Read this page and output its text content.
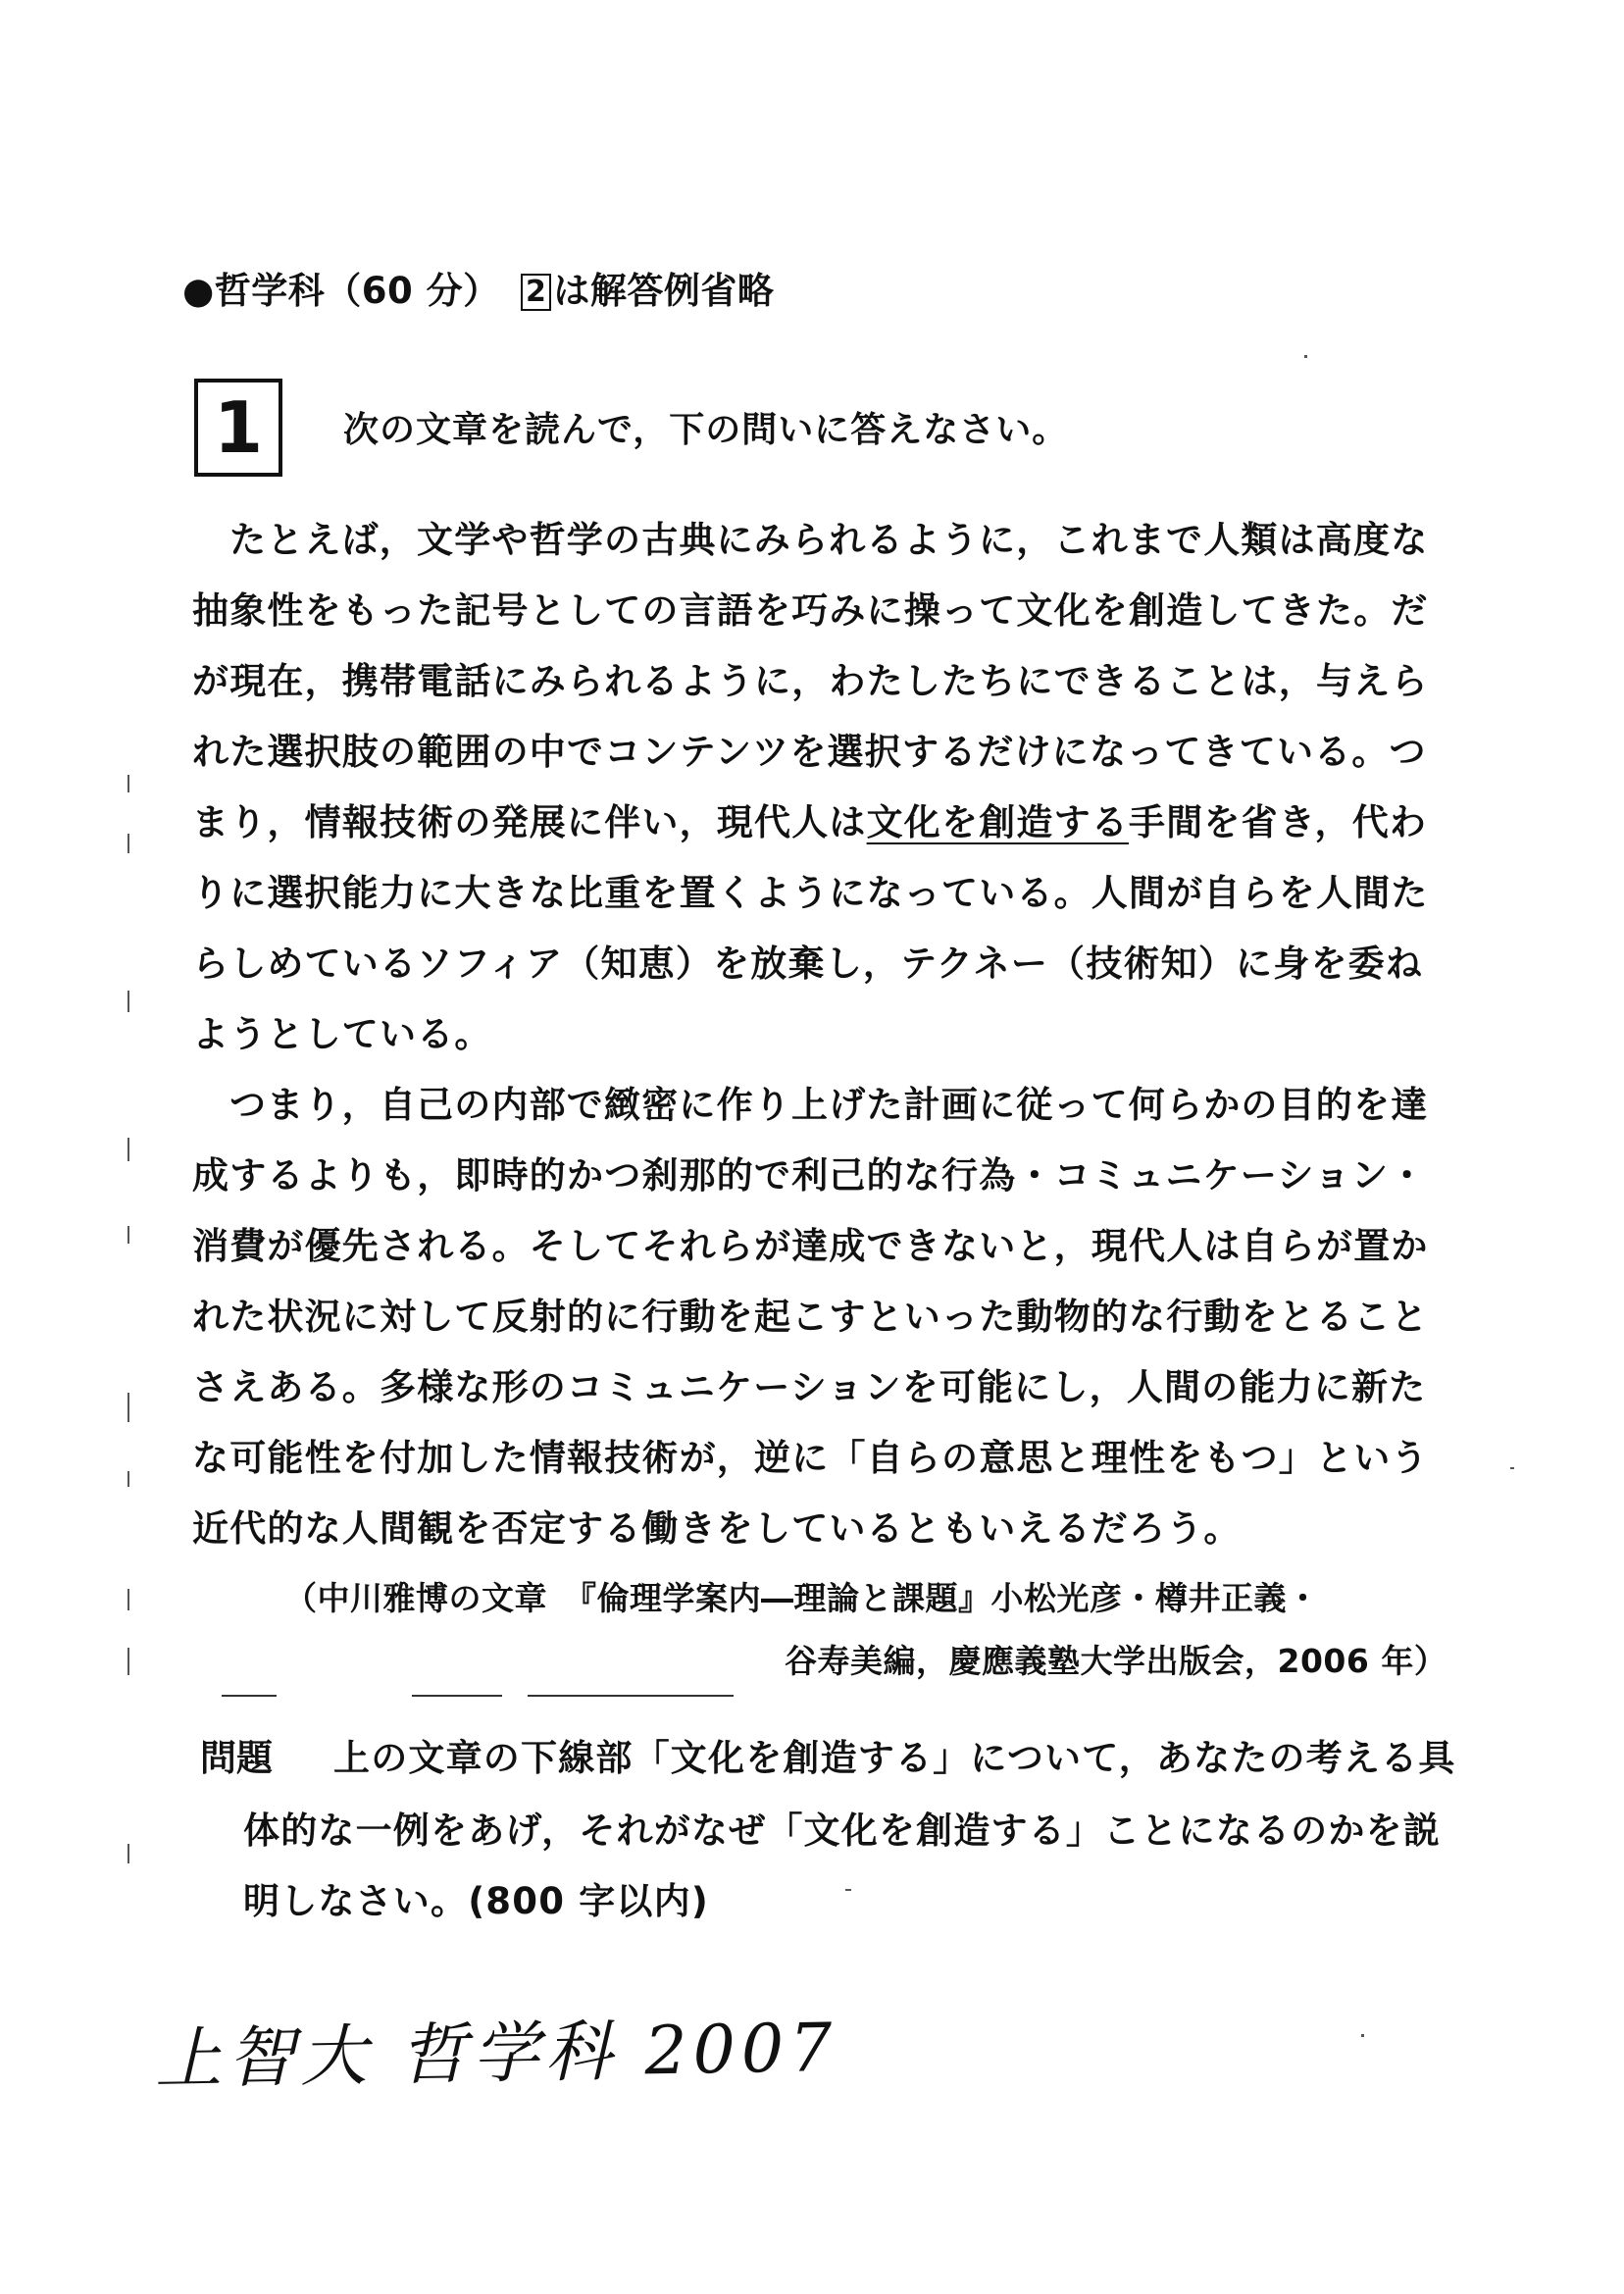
●哲学科（60 分） 2 は解答例省略
1	次の文章を読んで，下の問いに答えなさい。
たとえば，文学や哲学の古典にみられるように，これまで人類は高度な
抽象性をもった記号としての言語を巧みに操って文化を創造してきた。だ
が現在，携帯電話にみられるように，わたしたちにできることは，与えら
れた選択肢の範囲の中でコンテンツを選択するだけになってきている。つ
まり，情報技術の発展に伴い，現代人は文化を創造する手間を省き，代わ
りに選択能力に大きな比重を置くようになっている。人間が自らを人間た
らしめているソフィア（知恵）を放棄し，テクネー（技術知）に身を委ね
ようとしている。
つまり，自己の内部で緻密に作り上げた計画に従って何らかの目的を達
成するよりも，即時的かつ刹那的で利己的な行為・コミュニケーション・
消費が優先される。そしてそれらが達成できないと，現代人は自らが置か
れた状況に対して反射的に行動を起こすといった動物的な行動をとること
さえある。多様な形のコミュニケーションを可能にし，人間の能力に新た
な可能性を付加した情報技術が，逆に「自らの意思と理性をもつ」という
近代的な人間観を否定する働きをしているともいえるだろう。
（中川雅博の文章　『倫理学案内―理論と課題』小松光彦・樽井正義・
谷寿美編，慶應義塾大学出版会，2006 年）
問題 上の文章の下線部「文化を創造する」について，あなたの考える具
体的な一例をあげ，それがなぜ「文化を創造する」ことになるのかを説
明しなさい。(800 字以内)
上智大 哲学科 2007
